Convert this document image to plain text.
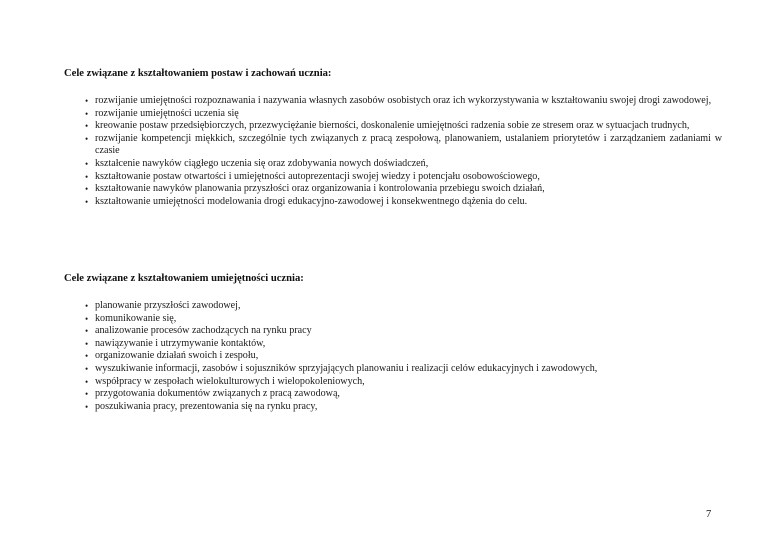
Cele związane z kształtowaniem postaw i zachowań ucznia:

• rozwijanie umiejętności rozpoznawania i nazywania własnych zasobów osobistych oraz ich wykorzystywania w kształtowaniu swojej drogi zawodowej,
• rozwijanie umiejętności uczenia się
• kreowanie postaw przedsiębiorczych, przezwyciężanie bierności, doskonalenie umiejętności radzenia sobie ze stresem oraz w sytuacjach trudnych,
• rozwijanie kompetencji miękkich, szczególnie tych związanych z pracą zespołową, planowaniem, ustalaniem priorytetów i zarządzaniem zadaniami w czasie
• kształcenie nawyków ciągłego uczenia się oraz zdobywania nowych doświadczeń,
• kształtowanie postaw otwartości i umiejętności autoprezentacji swojej wiedzy i potencjału osobowościowego,
• kształtowanie nawyków planowania przyszłości oraz organizowania i kontrolowania przebiegu swoich działań,
• kształtowanie umiejętności modelowania drogi edukacyjno-zawodowej i konsekwentnego dążenia do celu.

Cele związane z kształtowaniem umiejętności ucznia:

• planowanie przyszłości zawodowej,
• komunikowanie się,
• analizowanie procesów zachodzących na rynku pracy
• nawiązywanie i utrzymywanie kontaktów,
• organizowanie działań swoich i zespołu,
• wyszukiwanie informacji, zasobów i sojuszników sprzyjających planowaniu i realizacji celów edukacyjnych i zawodowych,
• współpracy w zespołach wielokulturowych i wielopokoleniowych,
• przygotowania dokumentów związanych z pracą zawodową,
• poszukiwania pracy, prezentowania się na rynku pracy,
7
